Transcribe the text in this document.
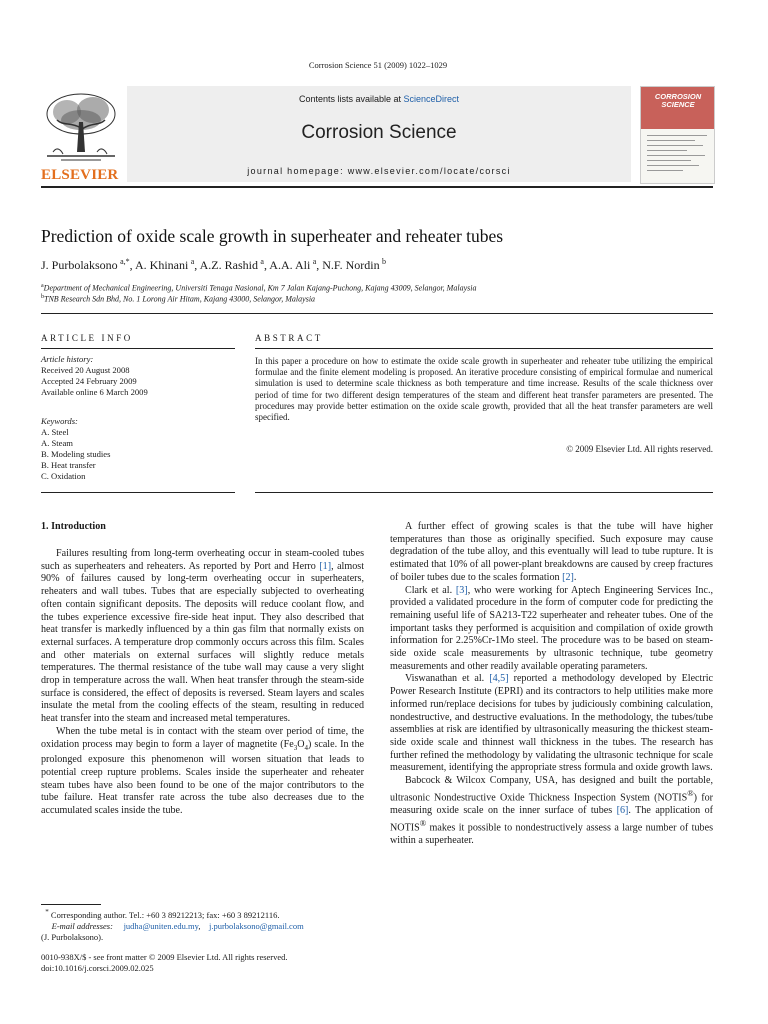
Corrosion Science 51 (2009) 1022–1029
ELSEVIER
Contents lists available at ScienceDirect
Corrosion Science
journal homepage: www.elsevier.com/locate/corsci
CORROSION SCIENCE
Prediction of oxide scale growth in superheater and reheater tubes
J. Purbolaksono  $^{a,*}$, A. Khinani  $^a$, A.Z. Rashid  $^a$, A.A. Ali  $^a$, N.F. Nordin  $^b$
$^a$Department of Mechanical Engineering, Universiti Tenaga Nasional, Km 7 Jalan Kajang-Puchong, Kajang 43009, Selangor, Malaysia
$^b$TNB Research Sdn Bhd, No. 1 Lorong Air Hitam, Kajang 43000, Selangor, Malaysia
ARTICLE INFO	ABSTRACT
Article history:
Received 20 August 2008
Accepted 24 February 2009
Available online 6 March 2009
Keywords:
A. Steel
A. Steam
B. Modeling studies
B. Heat transfer
C. Oxidation
In this paper a procedure on how to estimate the oxide scale growth in superheater and reheater tube utilizing the empirical formulae and the finite element modeling is proposed. An iterative procedure consisting of empirical formulae and numerical simulation is used to determine scale thickness as both temperature and time increase. Results of the scale thickness over period of time for two different design temperatures of the steam and different heat transfer parameters are presented. The procedures may provide better estimation on the oxide scale growth, provided that all the heat transfer parameters are well specified.
© 2009 Elsevier Ltd. All rights reserved.
1. Introduction

Failures resulting from long-term overheating occur in steam-cooled tubes such as superheaters and reheaters. As reported by Port and Herro [1], almost 90% of failures caused by long-term overheating occur in superheaters, reheaters and wall tubes. Tubes that are especially subjected to overheating often contain significant deposits. The deposits will reduce coolant flow, and the tubes experience excessive fire-side heat input. They also described that heat transfer is markedly influenced by a thin gas film that normally exists on external surfaces. A temperature drop commonly occurs across this film. Scales and other materials on external surfaces will slightly reduce metals temperatures. The thermal resistance of the tube wall may cause a very slight drop in temperature across the wall. When heat transfer through the steam-side surface is considered, the effect of deposits is reversed. Steam layers and scales insulate the metal from the cooling effects of the steam, resulting in reduced heat transfer into the steam and increased metal temperatures.

When the tube metal is in contact with the steam over period of time, the oxidation process may begin to form a layer of magnetite $(Fe_3O_4)$ scale. In the prolonged exposure this phenomenon will worsen situation that leads to potential creep rupture problems. Scales inside the superheater and reheater steam tubes have also been found to be one of the major contributors to the tube failure. Heat transfer rate across the tube also decreases due to the accumulated scales inside the tube.

A further effect of growing scales is that the tube will have higher temperatures than those as originally specified. Such exposure may cause degradation of the tube alloy, and this eventually will lead to tube rupture. It is estimated that 10% of all power-plant breakdowns are caused by creep fractures of boiler tubes due to the scales formation [2].

Clark et al. [3], who were working for Aptech Engineering Services Inc., provided a validated procedure in the form of computer code for predicting the remaining useful life of SA213-T22 superheater and reheater tubes. One of the important tasks they performed is acquisition and compilation of oxide growth information for 2.25%Cr-1Mo steel. The procedure was to be based on steam-side oxide scale measurements by ultrasonic technique, tube geometry measurements and other readily available operating parameters.

Viswanathan et al. [4,5] reported a methodology developed by Electric Power Research Institute (EPRI) and its contractors to help utilities make more informed run/replace decisions for tubes by judiciously combining calculation, nondestructive, and destructive evaluations. In the methodology, the tubes/tube assemblies at risk are identified by ultrasonically measuring the thickest steam-side oxide scale and thinnest wall thickness in the tubes. The research has further refined the methodology by validating the ultrasonic technique for scale measurement, identifying the appropriate stress formula and oxide growth laws.

Babcock & Wilcox Company, USA, has designed and built the portable, ultrasonic Nondestructive Oxide Thickness Inspection System (NOTIS®) for measuring oxide scale on the inner surface of tubes [6]. The application of NOTIS® makes it possible to nondestructively assess a large number of tubes within a superheater.

* Corresponding author. Tel.: +60 3 89212213; fax: +60 3 89212116.
E-mail addresses: judha@uniten.edu.my,    j.purbolaksono@gmail.com
(J. Purbolaksono).
0010-938X/$ - see front matter © 2009 Elsevier Ltd. All rights reserved.
doi:10.1016/j.corsci.2009.02.025
